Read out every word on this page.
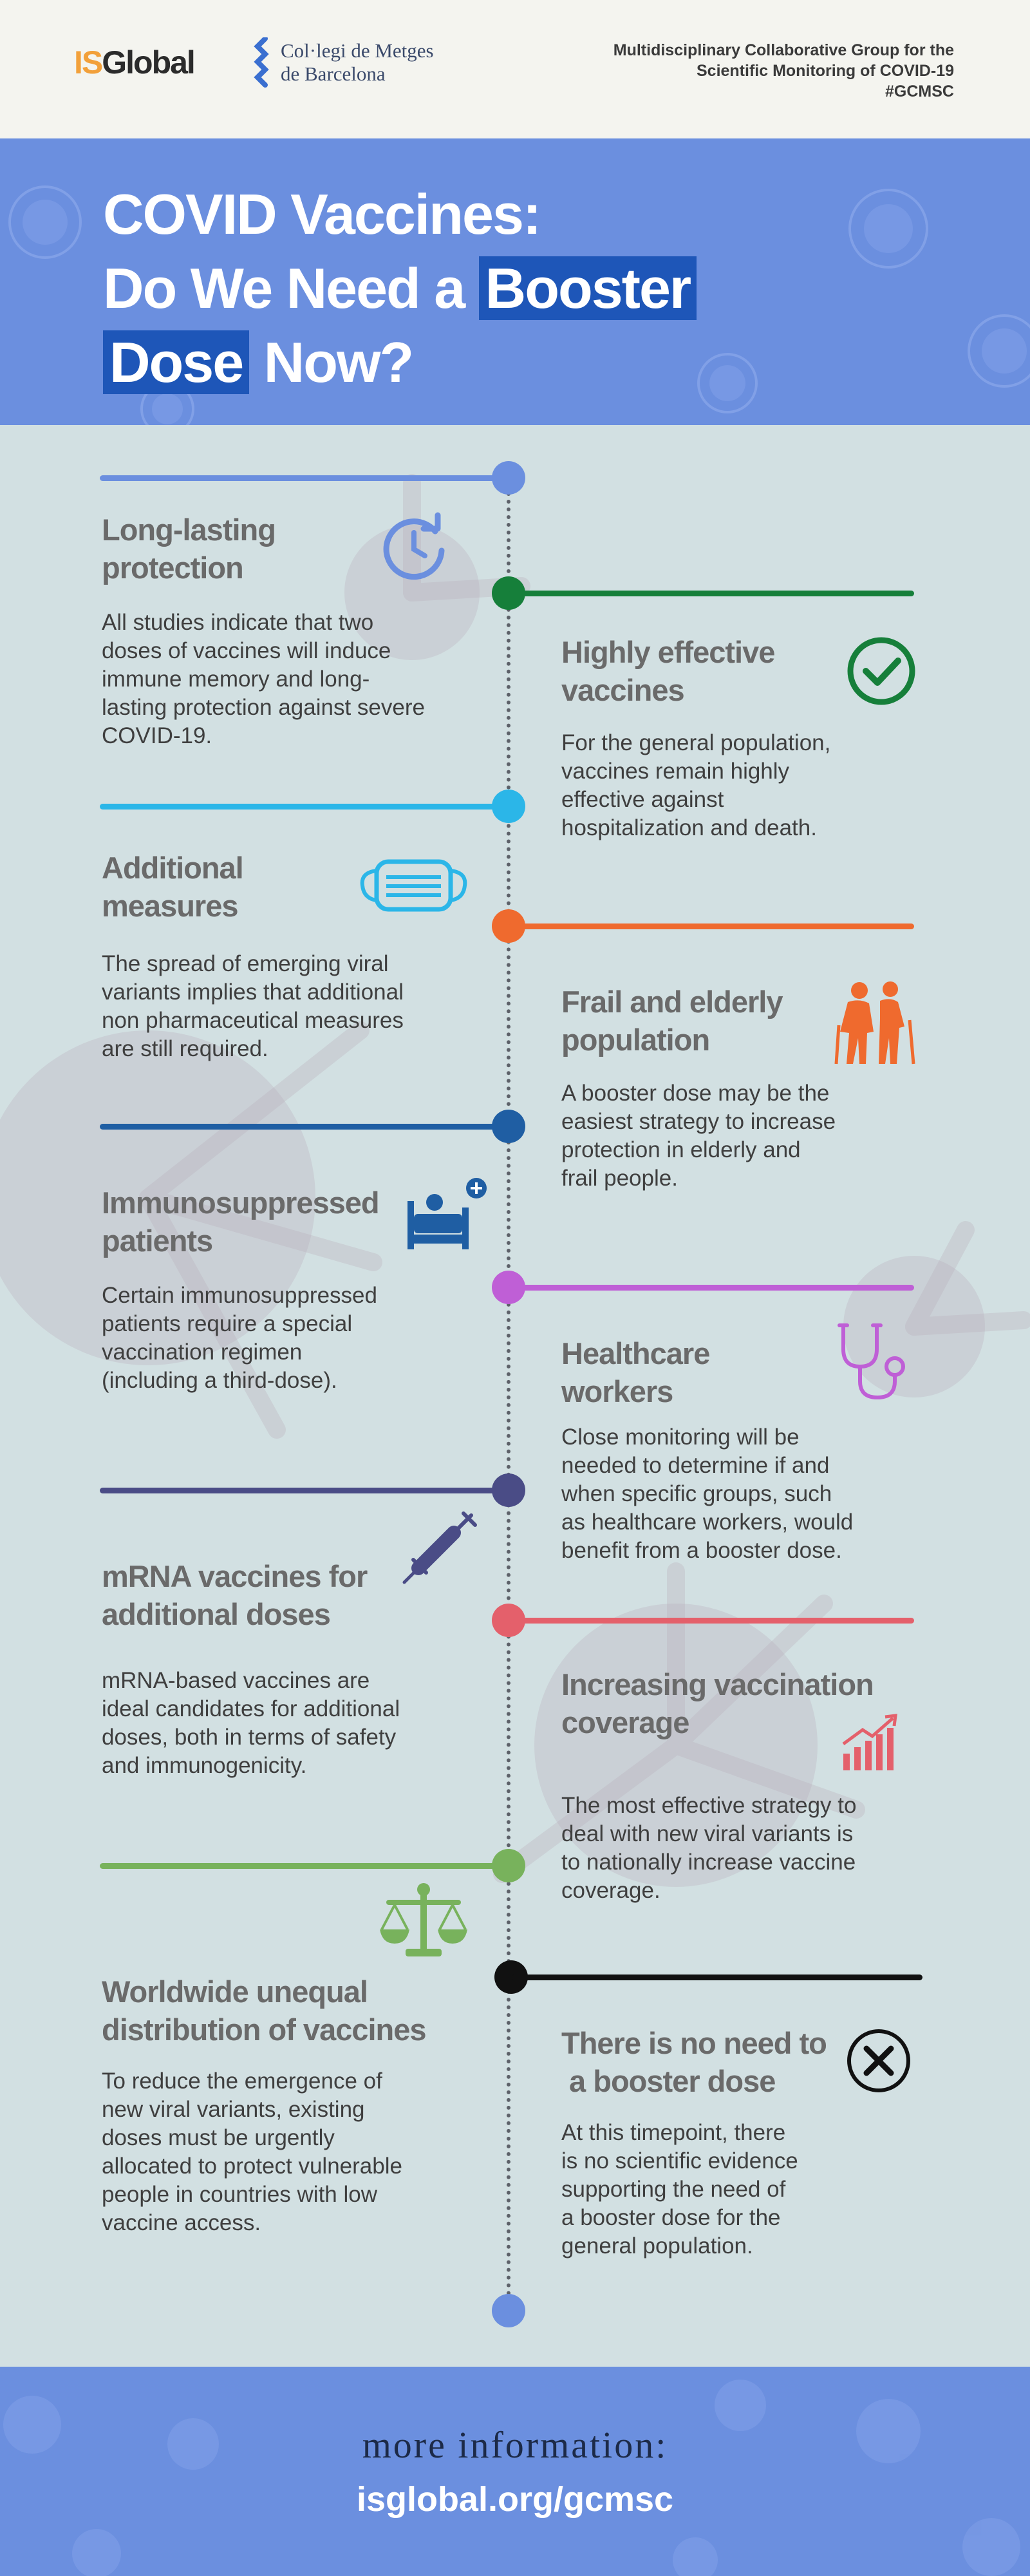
ISGlobal	Col·legi de Metges
de Barcelona
Multidisciplinary Collaborative Group for the
Scientific Monitoring of COVID-19
#GCMSC
COVID Vaccines:
Do We Need a Booster
Dose Now?
Long-lasting
protection
All studies indicate that two
doses of vaccines will induce
immune memory and long-
lasting protection against severe
COVID-19.
Highly effective
vaccines
For the general population,
vaccines remain highly
effective against
hospitalization and death.
Additional
measures
The spread of emerging viral
variants implies that additional
non pharmaceutical measures
are still required.
Frail and elderly
population
A booster dose may be the
easiest strategy to increase
protection in elderly and
frail people.
Immunosuppressed
patients
Certain immunosuppressed
patients require a special
vaccination regimen
(including a third-dose).
Healthcare
workers
Close monitoring will be
needed to determine if and
when specific groups, such
as healthcare workers, would
benefit from a booster dose.
mRNA vaccines for
additional doses
mRNA-based vaccines are
ideal candidates for additional
doses, both in terms of safety
and immunogenicity.
Increasing vaccination
coverage
The most effective strategy to
deal with new viral variants is
to nationally increase vaccine
coverage.
Worldwide unequal
distribution of vaccines
To reduce the emergence of
new viral variants, existing
doses must be urgently
allocated to protect vulnerable
people in countries with low
vaccine access.
There is no need to
a booster dose
At this timepoint, there
is no scientific evidence
supporting the need of
a booster dose for the
general population.
more information:
isglobal.org/gcmsc
